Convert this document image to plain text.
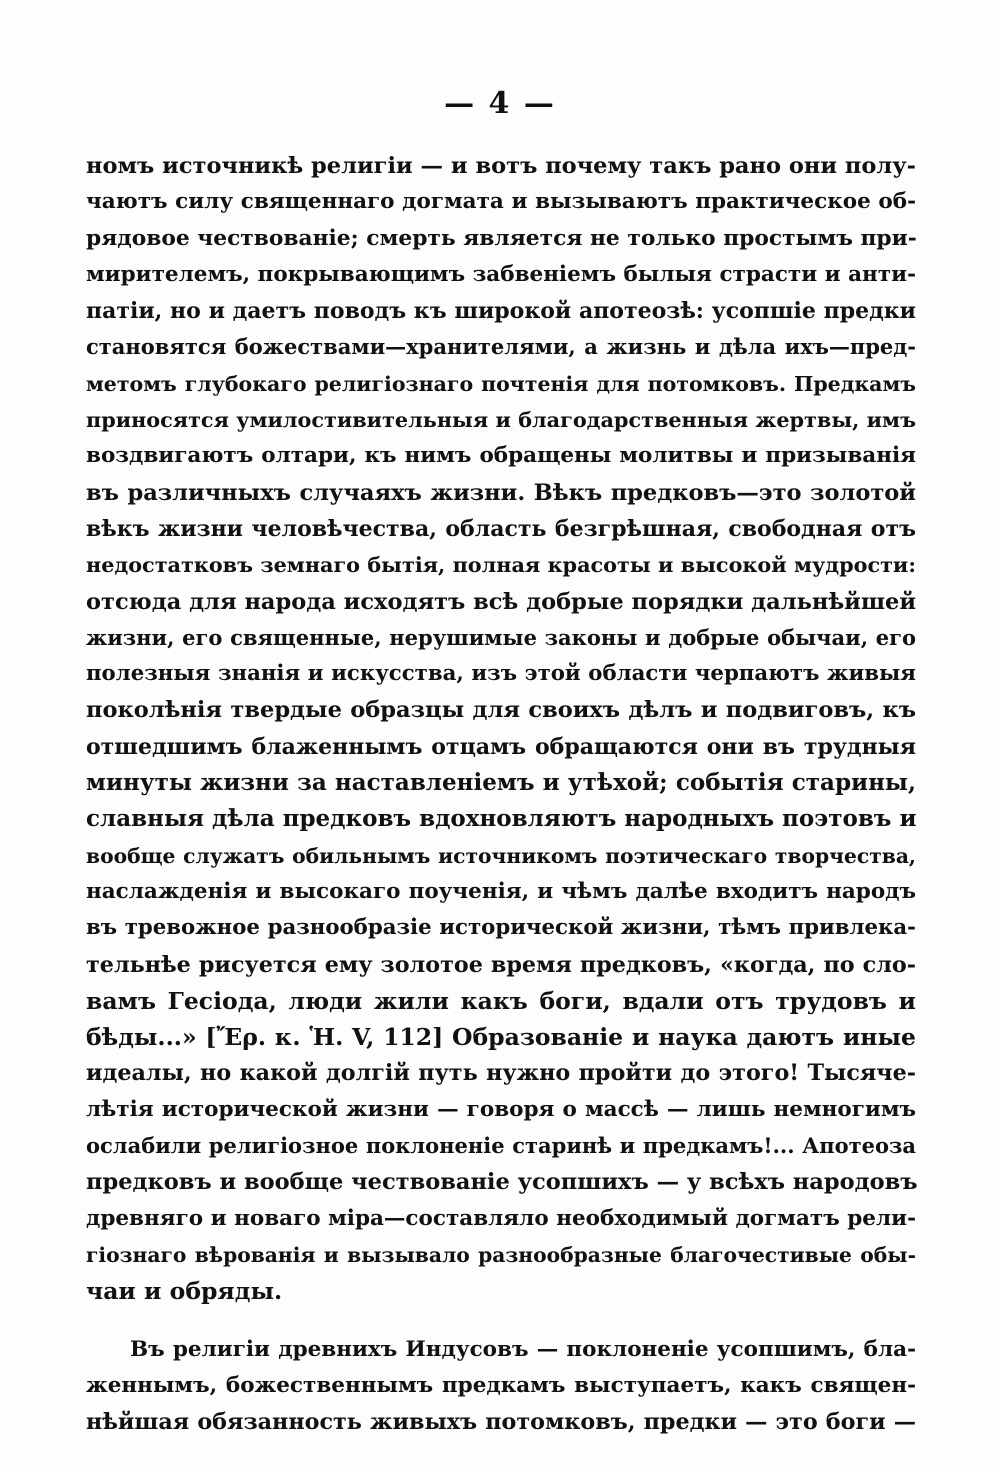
— 4 —
номъ источникѣ религіи — и вотъ почему такъ рано они полу-
чаютъ силу священнаго догмата и вызываютъ практическое об-
рядовое чествованіе; смерть является не только простымъ при-
мирителемъ, покрывающимъ забвеніемъ былыя страсти и анти-
патіи, но и даетъ поводъ къ широкой апотеозѣ: усопшіе предки
становятся божествами—хранителями, а жизнь и дѣла ихъ—пред-
метомъ глубокаго религіознаго почтенія для потомковъ. Предкамъ
приносятся умилостивительныя и благодарственныя жертвы, имъ
воздвигаютъ олтари, къ нимъ обращены молитвы и призыванія
въ различныхъ случаяхъ жизни. Вѣкъ предковъ—это золотой
вѣкъ жизни человѣчества, область безгрѣшная, свободная отъ
недостатковъ земнаго бытія, полная красоты и высокой мудрости:
отсюда для народа исходятъ всѣ добрые порядки дальнѣйшей
жизни, его священные, нерушимые законы и добрые обычаи, его
полезныя знанія и искусства, изъ этой области черпаютъ живыя
поколѣнія твердые образцы для своихъ дѣлъ и подвиговъ, къ
отшедшимъ блаженнымъ отцамъ обращаются они въ трудныя
минуты жизни за наставленіемъ и утѣхой; событія старины,
славныя дѣла предковъ вдохновляютъ народныхъ поэтовъ и
вообще служатъ обильнымъ источникомъ поэтическаго творчества,
наслажденія и высокаго поученія, и чѣмъ далѣе входитъ народъ
въ тревожное разнообразіе исторической жизни, тѣмъ привлека-
тельнѣе рисуется ему золотое время предковъ, «когда, по сло-
вамъ Гесіода, люди жили какъ боги, вдали отъ трудовъ и
бѣды...» [Ἔρ. κ. Ἡ. V, 112] Образованіе и наука даютъ иные
идеалы, но какой долгій путь нужно пройти до этого! Тысяче-
лѣтія исторической жизни — говоря о массѣ — лишь немногимъ
ослабили религіозное поклоненіе старинѣ и предкамъ!... Апотеоза
предковъ и вообще чествованіе усопшихъ — у всѣхъ народовъ
древняго и новаго міра—составляло необходимый догматъ рели-
гіознаго вѣрованія и вызывало разнообразные благочестивые обы-
чаи и обряды.
Въ религіи древнихъ Индусовъ — поклоненіе усопшимъ, бла-
женнымъ, божественнымъ предкамъ выступаетъ, какъ священ-
нѣйшая обязанность живыхъ потомковъ, предки — это боги —
